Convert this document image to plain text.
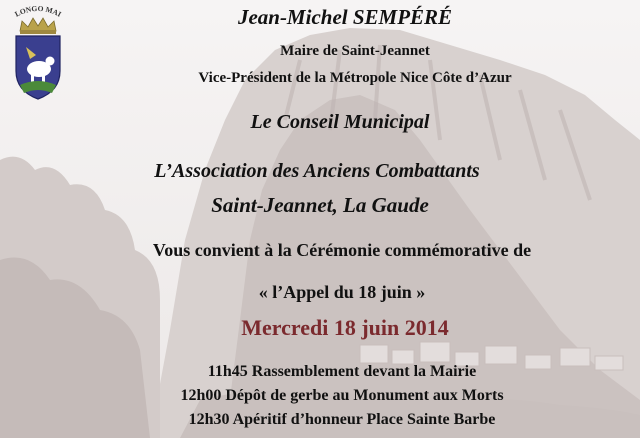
LONGO MAI	Jean-Michel SEMPÉRÉ
Maire de Saint-Jeannet
Vice-Président de la Métropole Nice Côte d’Azur
Le Conseil Municipal
L’Association des Anciens Combattants
Saint-Jeannet, La Gaude
Vous convient à la Cérémonie commémorative de
« l’Appel du 18 juin »
Mercredi 18 juin 2014
11h45 Rassemblement devant la Mairie
12h00 Dépôt de gerbe au Monument aux Morts
12h30 Apéritif d’honneur Place Sainte Barbe
